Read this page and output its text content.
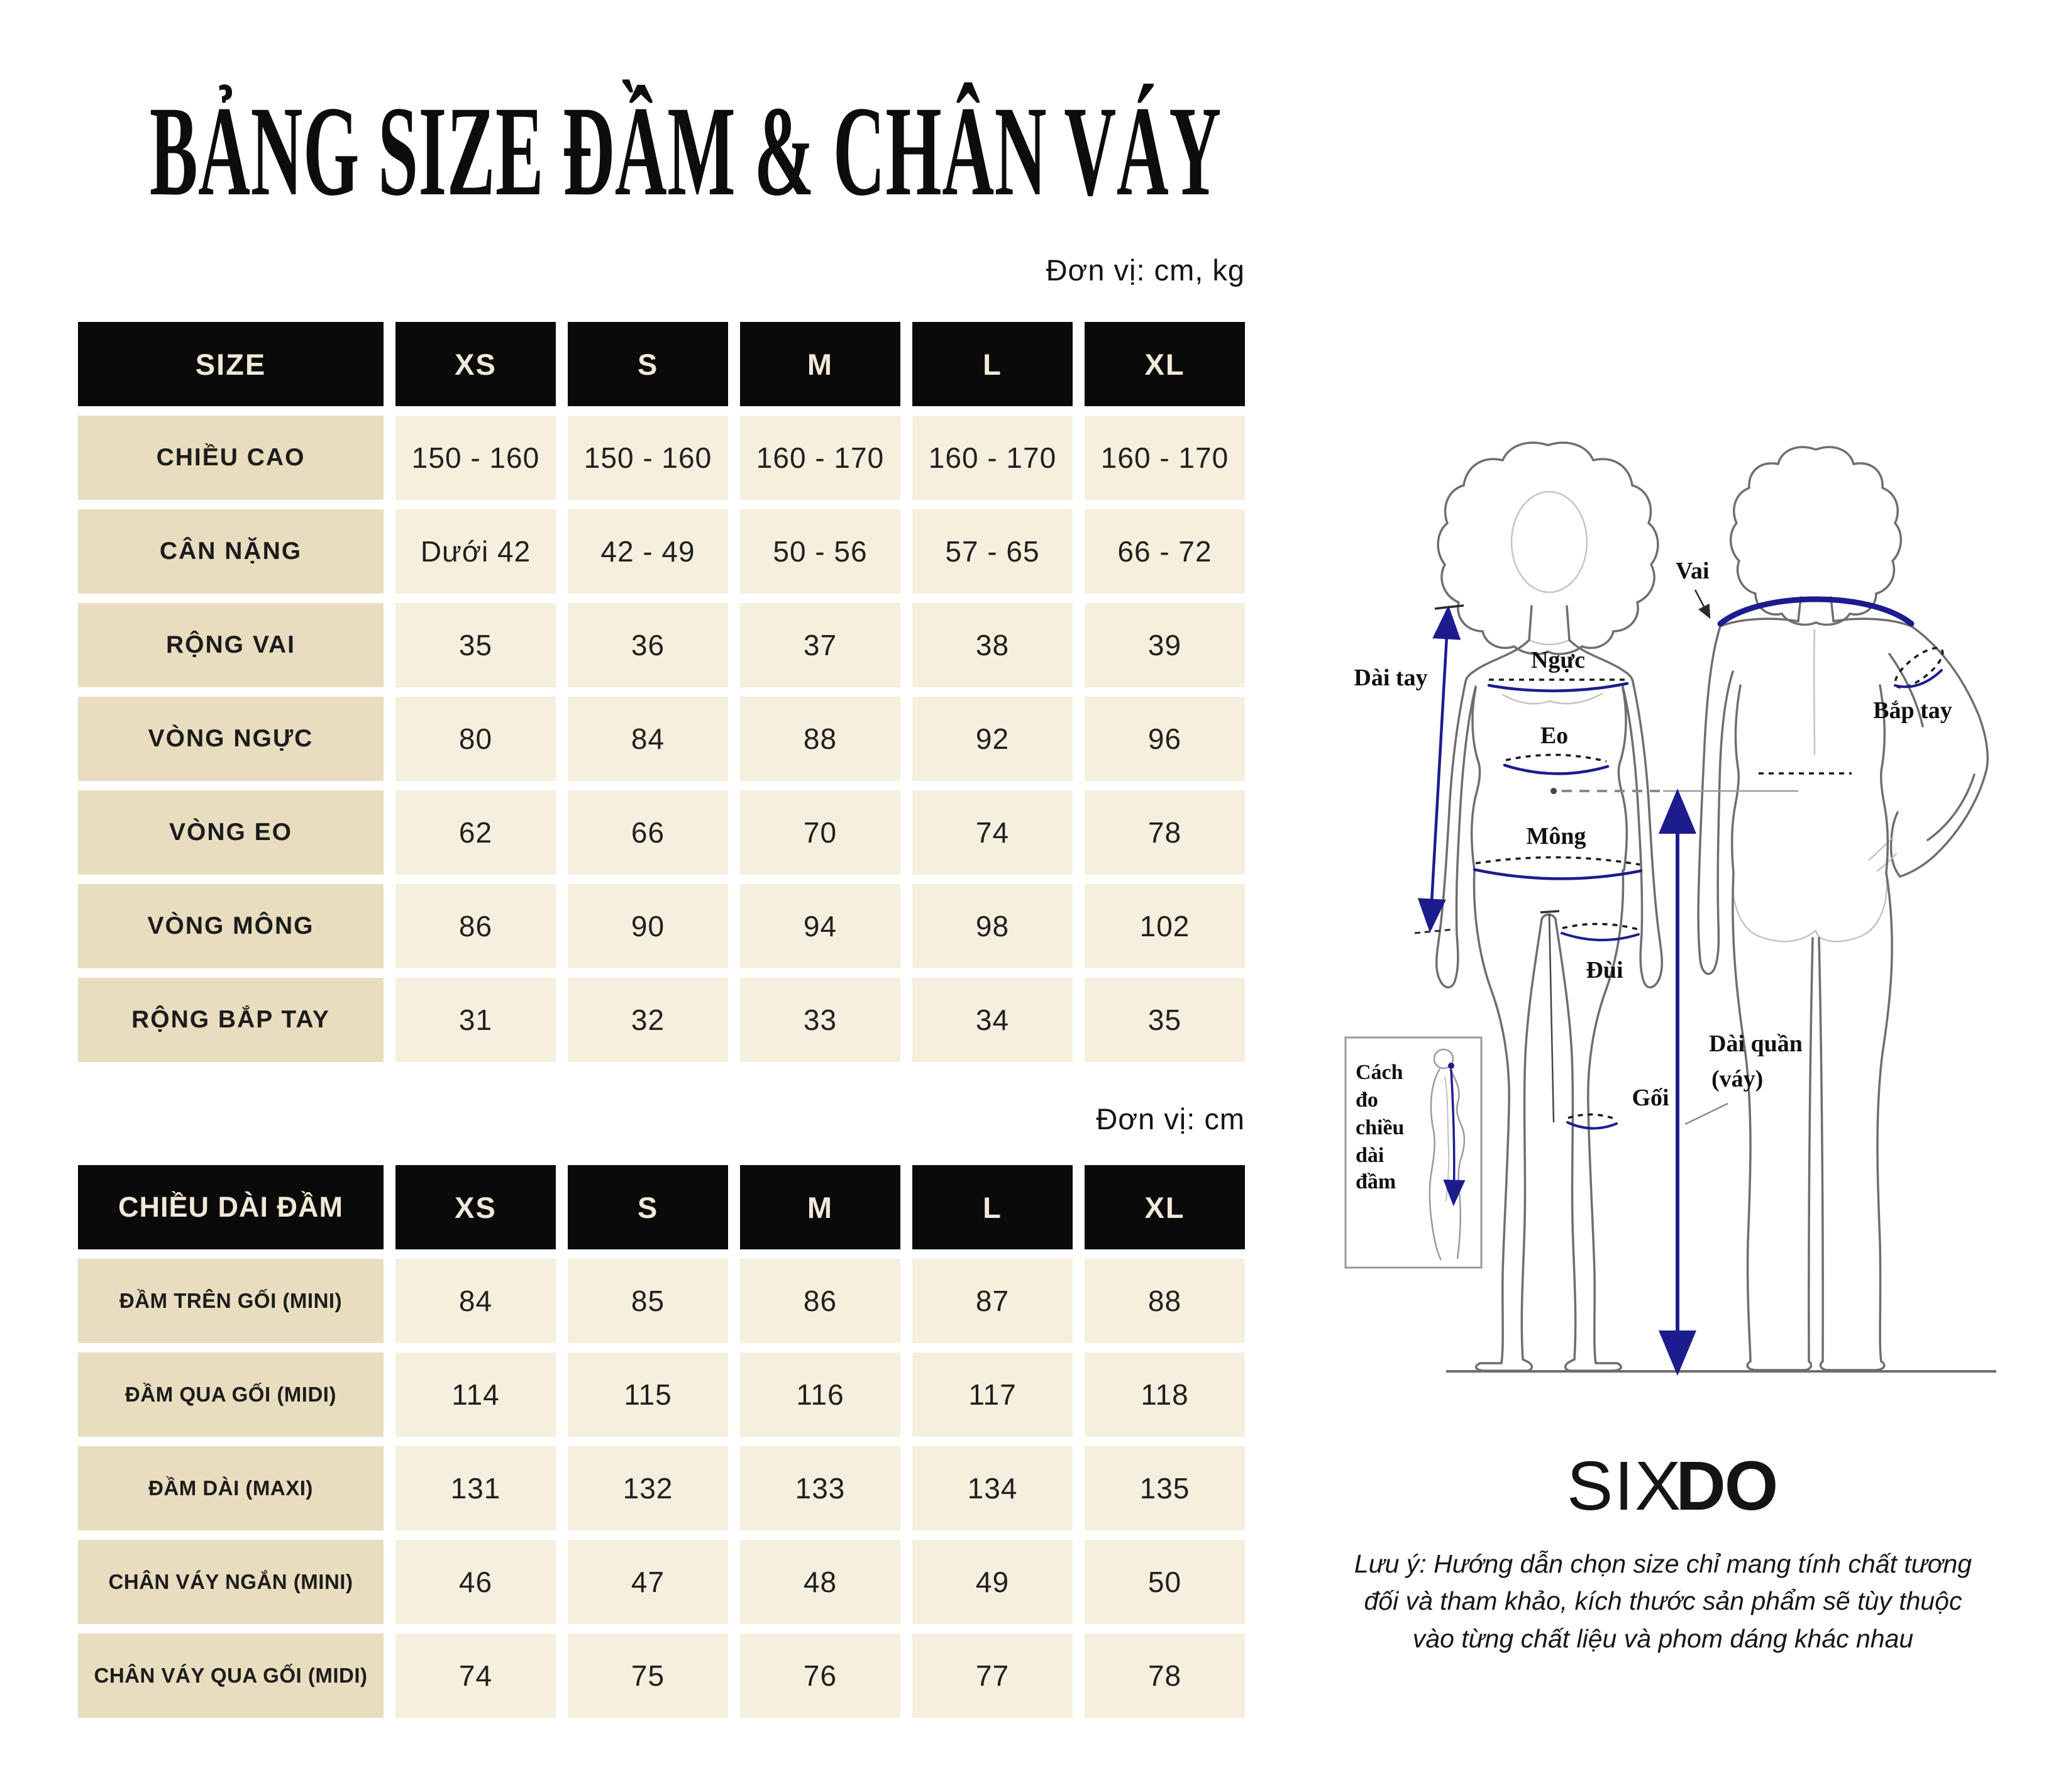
BẢNG SIZE ĐẦM & CHÂN VÁY
Đơn vị: cm, kg
SIZE	XS	S	M	L	XL
CHIỀU CAO	150 - 160	150 - 160	160 - 170	160 - 170	160 - 170
CÂN NẶNG	Dưới 42	42 - 49	50 - 56	57 - 65	66 - 72
RỘNG VAI	35	36	37	38	39
VÒNG NGỰC	80	84	88	92	96
VÒNG EO	62	66	70	74	78
VÒNG MÔNG	86	90	94	98	102
RỘNG BẮP TAY	31	32	33	34	35
Đơn vị: cm
CHIỀU DÀI ĐẦM	XS	S	M	L	XL
ĐẦM TRÊN GỐI (MINI)	84	85	86	87	88
ĐẦM QUA GỐI (MIDI)	114	115	116	117	118
ĐẦM DÀI (MAXI)	131	132	133	134	135
CHÂN VÁY NGẮN (MINI)	46	47	48	49	50
CHÂN VÁY QUA GỐI (MIDI)	74	75	76	77	78
Vai
Ngực
Eo
Mông
Đùi
Gối
Dài tay
Bắp tay
Dài quần
(váy)
Cách
đo
chiều
dài
đầm
SIXDO
Lưu ý: Hướng dẫn chọn size chỉ mang tính chất tương
đối và tham khảo, kích thước sản phẩm sẽ tùy thuộc
vào từng chất liệu và phom dáng khác nhau
